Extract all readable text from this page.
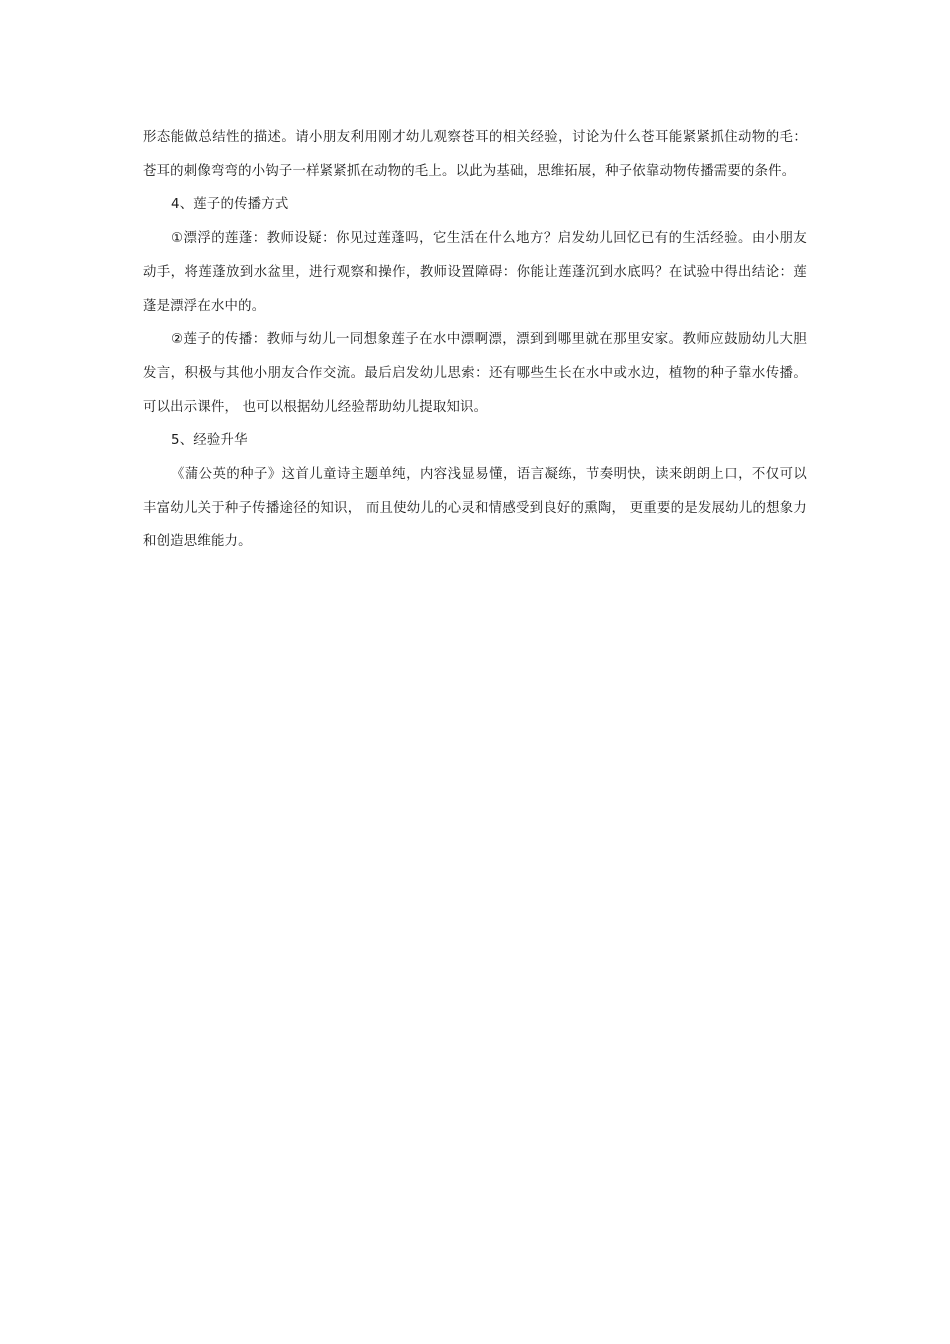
形态能做总结性的描述。请小朋友利用刚才幼儿观察苍耳的相关经验，讨论为什么苍耳能紧紧抓住动物的毛：苍耳的刺像弯弯的小钩子一样紧紧抓在动物的毛上。以此为基础，思维拓展，种子依靠动物传播需要的条件。

4、莲子的传播方式

①漂浮的莲蓬：教师设疑：你见过莲蓬吗，它生活在什么地方？启发幼儿回忆已有的生活经验。由小朋友动手，将莲蓬放到水盆里，进行观察和操作，教师设置障碍：你能让莲蓬沉到水底吗？在试验中得出结论：莲蓬是漂浮在水中的。

②莲子的传播：教师与幼儿一同想象莲子在水中漂啊漂，漂到到哪里就在那里安家。教师应鼓励幼儿大胆发言，积极与其他小朋友合作交流。最后启发幼儿思索：还有哪些生长在水中或水边，植物的种子靠水传播。可以出示课件， 也可以根据幼儿经验帮助幼儿提取知识。

5、经验升华

《蒲公英的种子》这首儿童诗主题单纯，内容浅显易懂，语言凝练，节奏明快，读来朗朗上口，不仅可以丰富幼儿关于种子传播途径的知识， 而且使幼儿的心灵和情感受到良好的熏陶， 更重要的是发展幼儿的想象力和创造思维能力。
